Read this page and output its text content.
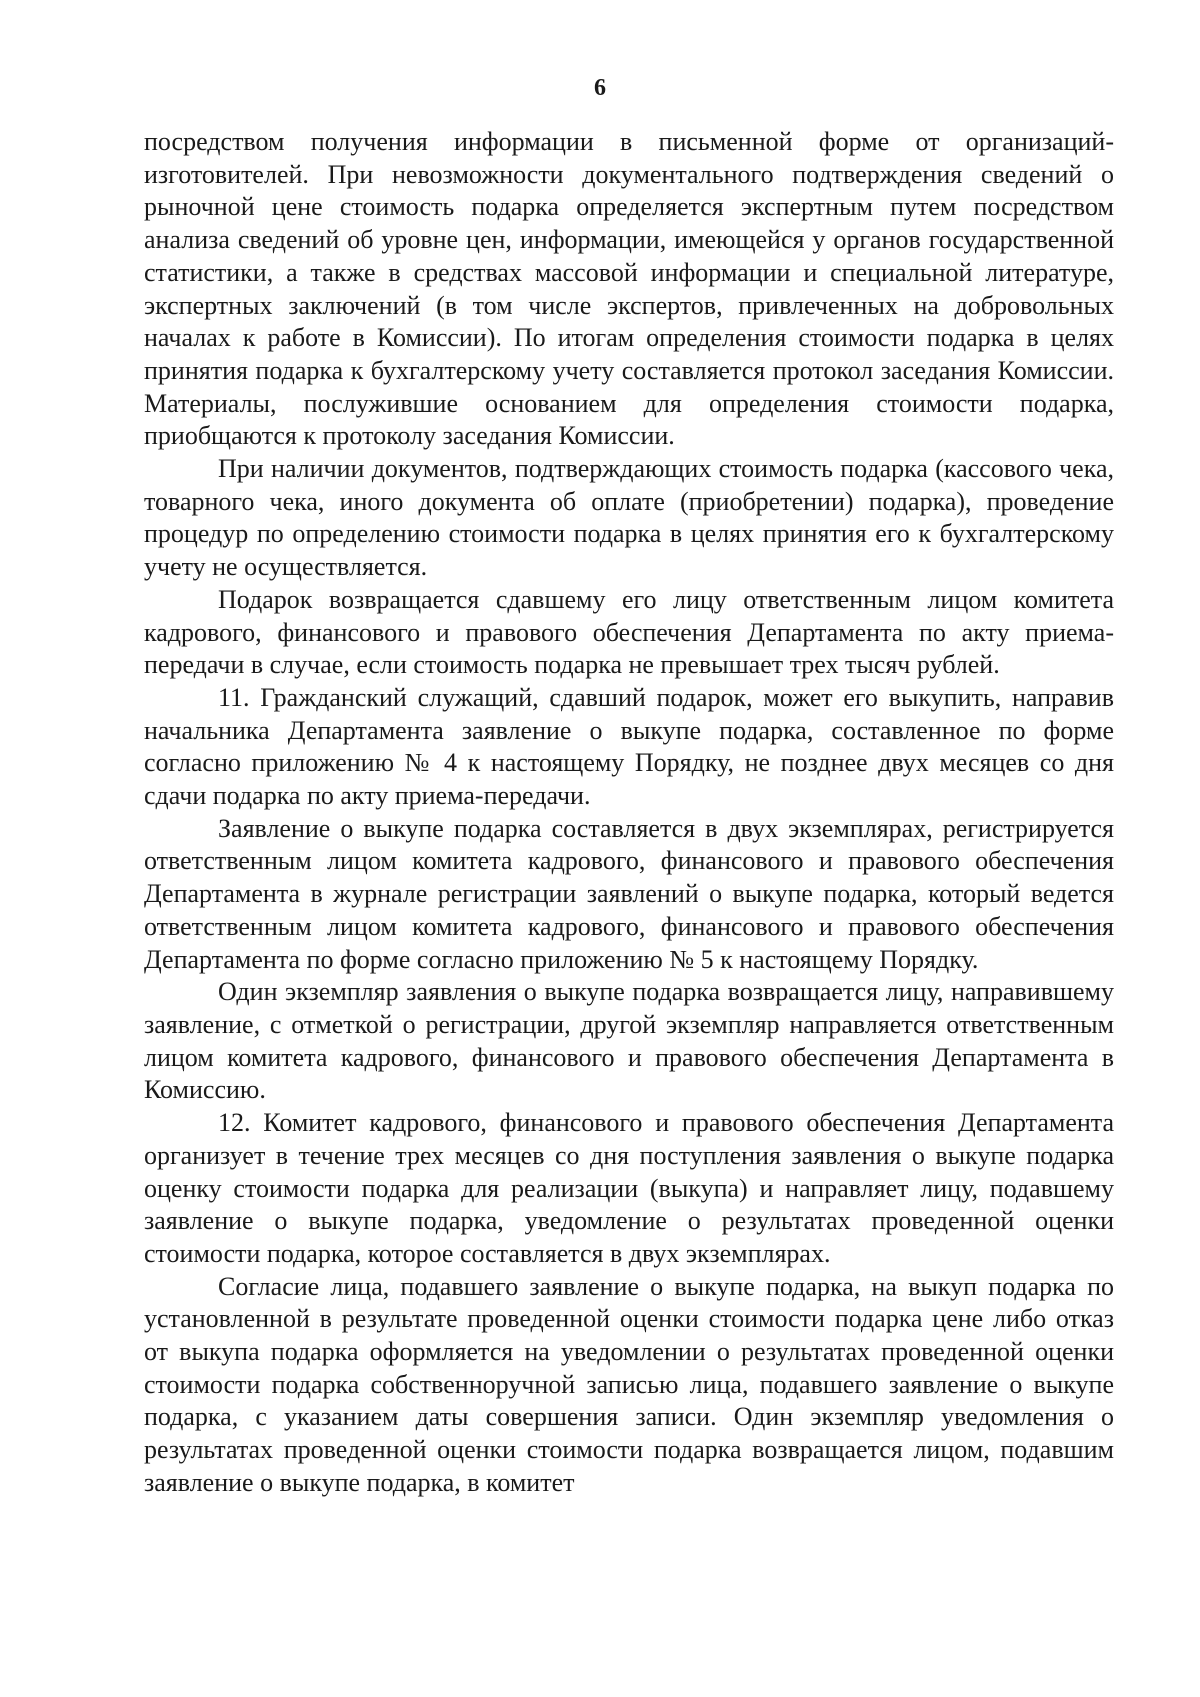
6

посредством получения информации в письменной форме от организаций-изготовителей. При невозможности документального подтверждения сведений о рыночной цене стоимость подарка определяется экспертным путем посредством анализа сведений об уровне цен, информации, имеющейся у органов государственной статистики, а также в средствах массовой информации и специальной литературе, экспертных заключений (в том числе экспертов, привлеченных на добровольных началах к работе в Комиссии). По итогам определения стоимости подарка в целях принятия подарка к бухгалтерскому учету составляется протокол заседания Комиссии. Материалы, послужившие основанием для определения стоимости подарка, приобщаются к протоколу заседания Комиссии.

При наличии документов, подтверждающих стоимость подарка (кассового чека, товарного чека, иного документа об оплате (приобретении) подарка), проведение процедур по определению стоимости подарка в целях принятия его к бухгалтерскому учету не осуществляется.

Подарок возвращается сдавшему его лицу ответственным лицом комитета кадрового, финансового и правового обеспечения Департамента по акту приема-передачи в случае, если стоимость подарка не превышает трех тысяч рублей.

11. Гражданский служащий, сдавший подарок, может его выкупить, направив начальника Департамента заявление о выкупе подарка, составленное по форме согласно приложению № 4 к настоящему Порядку, не позднее двух месяцев со дня сдачи подарка по акту приема-передачи.

Заявление о выкупе подарка составляется в двух экземплярах, регистрируется ответственным лицом комитета кадрового, финансового и правового обеспечения Департамента в журнале регистрации заявлений о выкупе подарка, который ведется ответственным лицом комитета кадрового, финансового и правового обеспечения Департамента по форме согласно приложению № 5 к настоящему Порядку.

Один экземпляр заявления о выкупе подарка возвращается лицу, направившему заявление, с отметкой о регистрации, другой экземпляр направляется ответственным лицом комитета кадрового, финансового и правового обеспечения Департамента в Комиссию.

12. Комитет кадрового, финансового и правового обеспечения Департамента организует в течение трех месяцев со дня поступления заявления о выкупе подарка оценку стоимости подарка для реализации (выкупа) и направляет лицу, подавшему заявление о выкупе подарка, уведомление о результатах проведенной оценки стоимости подарка, которое составляется в двух экземплярах.

Согласие лица, подавшего заявление о выкупе подарка, на выкуп подарка по установленной в результате проведенной оценки стоимости подарка цене либо отказ от выкупа подарка оформляется на уведомлении о результатах проведенной оценки стоимости подарка собственноручной записью лица, подавшего заявление о выкупе подарка, с указанием даты совершения записи. Один экземпляр уведомления о результатах проведенной оценки стоимости подарка возвращается лицом, подавшим заявление о выкупе подарка, в комитет
